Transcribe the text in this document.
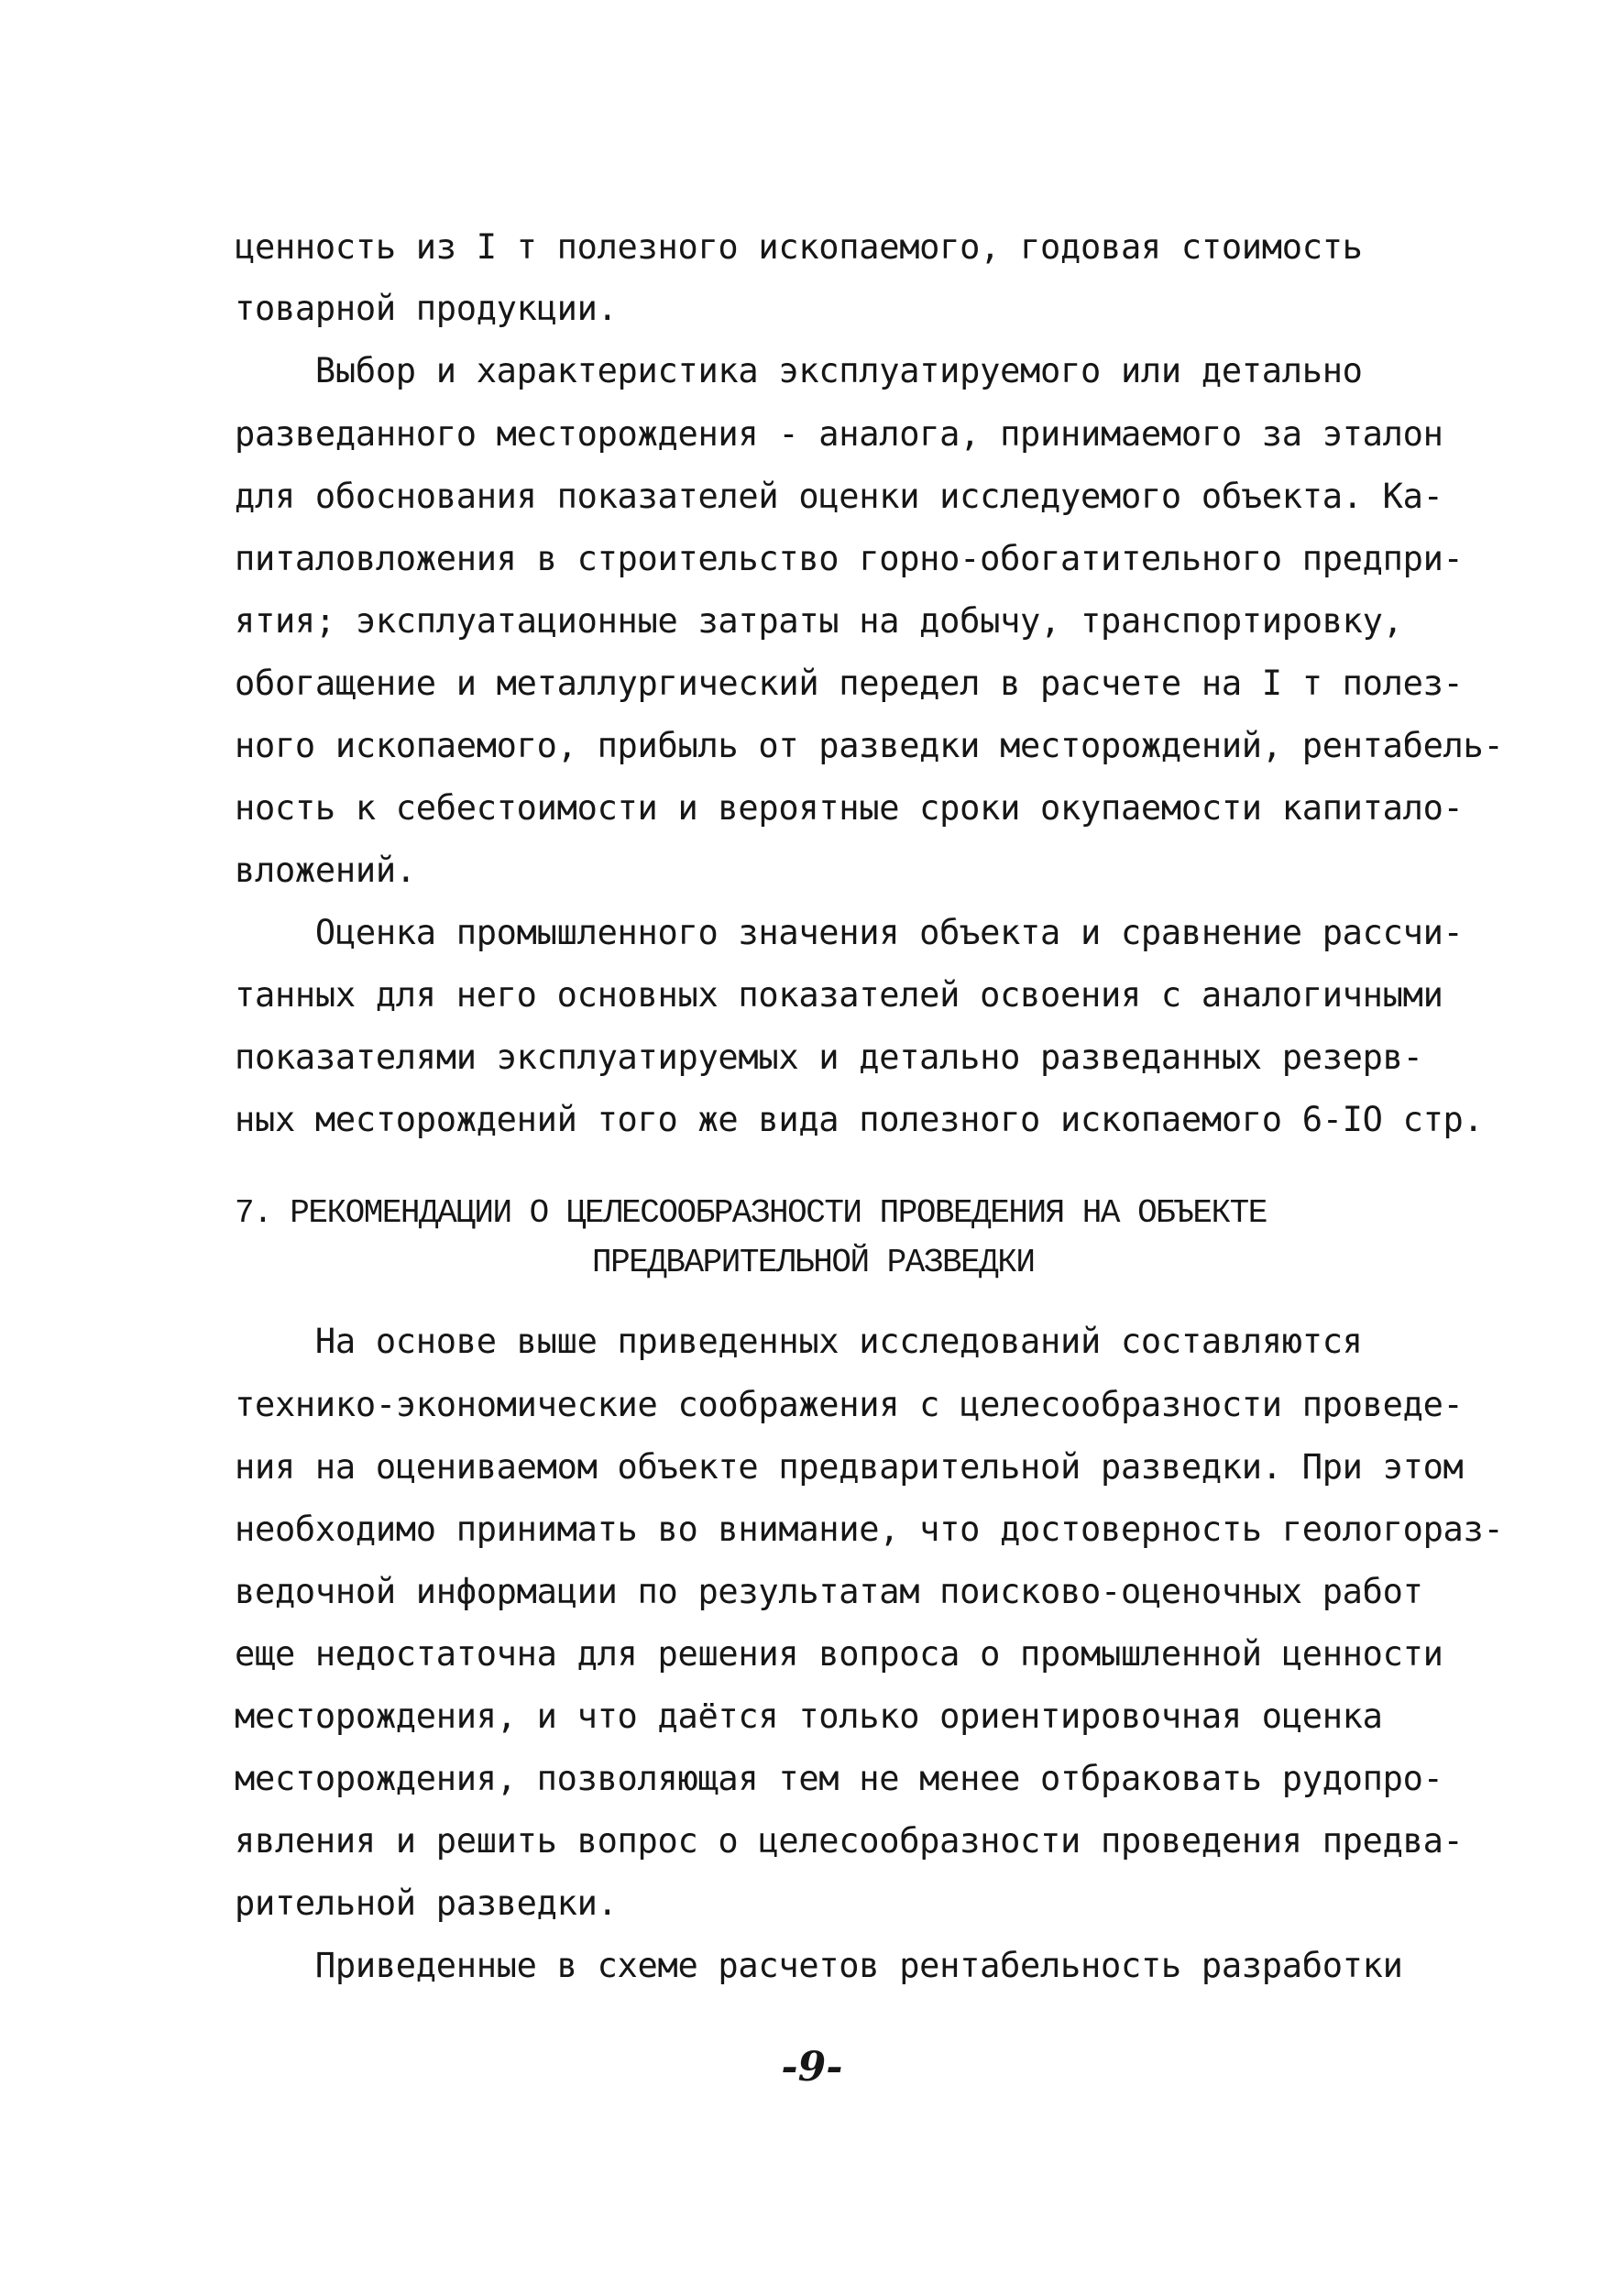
ценность из I т полезного ископаемого, годовая стоимость
товарной продукции.
Выбор и характеристика эксплуатируемого или детально
разведанного месторождения - аналога, принимаемого за эталон
для обоснования показателей оценки исследуемого объекта. Ка-
питаловложения в строительство горно-обогатительного предпри-
ятия; эксплуатационные затраты на добычу, транспортировку,
обогащение и металлургический передел в расчете на I т полез-
ного ископаемого, прибыль от разведки месторождений, рентабель-
ность к себестоимости и вероятные сроки окупаемости капитало-
вложений.
Оценка промышленного значения объекта и сравнение рассчи-
танных для него основных показателей освоения с аналогичными
показателями эксплуатируемых и детально разведанных резерв-
ных месторождений того же вида полезного ископаемого 6-IO стр.
7. РЕКОМЕНДАЦИИ О ЦЕЛЕСООБРАЗНОСТИ ПРОВЕДЕНИЯ НА ОБЪЕКТЕ
ПРЕДВАРИТЕЛЬНОЙ РАЗВЕДКИ
На основе выше приведенных исследований составляются
технико-экономические соображения с целесообразности проведе-
ния на оцениваемом объекте предварительной разведки. При этом
необходимо принимать во внимание, что достоверность геологораз-
ведочной информации по результатам поисково-оценочных работ
еще недостаточна для решения вопроса о промышленной ценности
месторождения, и что даётся только ориентировочная оценка
месторождения, позволяющая тем не менее отбраковать рудопро-
явления и решить вопрос о целесообразности проведения предва-
рительной разведки.
Приведенные в схеме расчетов рентабельность разработки
-9-
